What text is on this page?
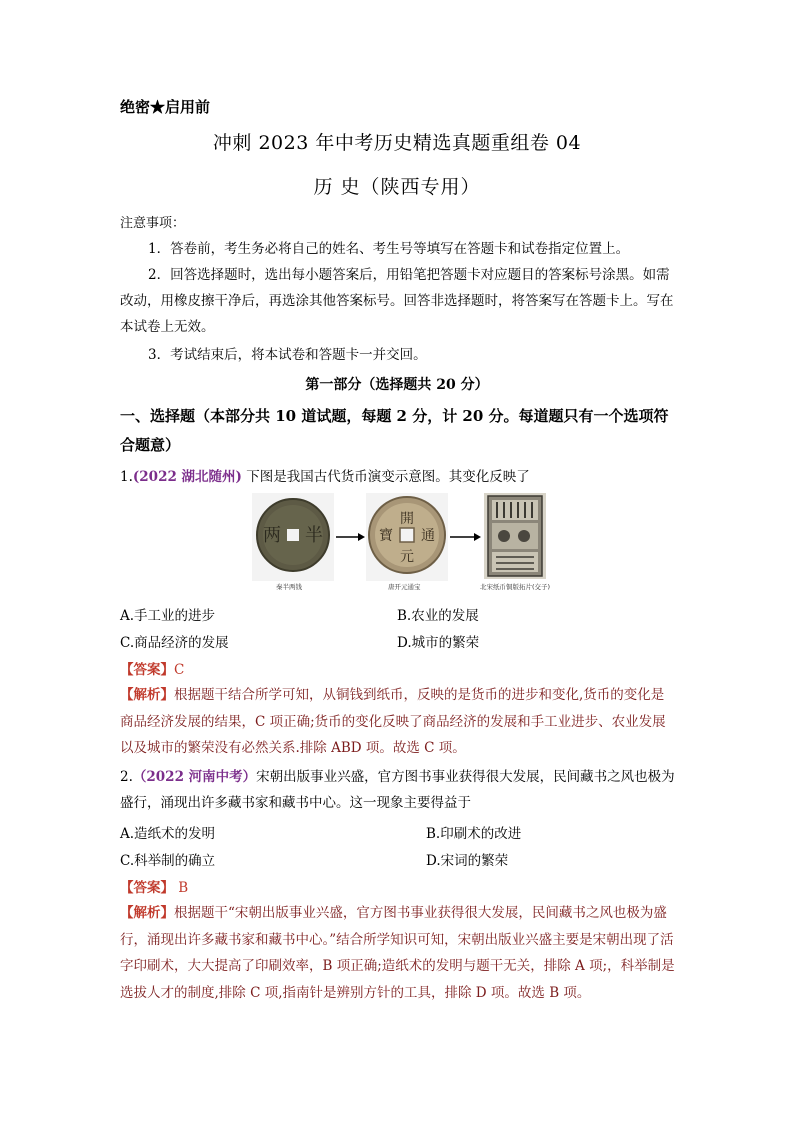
绝密★启用前
冲刺 2023 年中考历史精选真题重组卷 04
历 史（陕西专用）
注意事项：
1．答卷前，考生务必将自己的姓名、考生号等填写在答题卡和试卷指定位置上。
2．回答选择题时，选出每小题答案后，用铅笔把答题卡对应题目的答案标号涂黑。如需改动，用橡皮擦干净后，再选涂其他答案标号。回答非选择题时，将答案写在答题卡上。写在本试卷上无效。
3．考试结束后，将本试卷和答题卡一并交回。
第一部分（选择题共 20 分）
一、选择题（本部分共 10 道试题，每题 2 分，计 20 分。每道题只有一个选项符合题意）
1.(2022 湖北随州) 下图是我国古代货币演变示意图。其变化反映了
半
两
秦半两钱
開
元
通
寶
唐开元通宝	北宋纸币铜版拓片(交子)
A.手工业的进步	B.农业的发展
C.商品经济的发展	D.城市的繁荣
【答案】C
【解析】根据题干结合所学可知，从铜钱到纸币，反映的是货币的进步和变化,货币的变化是商品经济发展的结果，C 项正确;货币的变化反映了商品经济的发展和手工业进步、农业发展以及城市的繁荣没有必然关系.排除 ABD 项。故选 C 项。
2.（2022 河南中考）宋朝出版事业兴盛，官方图书事业获得很大发展，民间藏书之风也极为盛行，涌现出许多藏书家和藏书中心。这一现象主要得益于
A.造纸术的发明	B.印刷术的改进
C.科举制的确立	D.宋词的繁荣
【答案】 B
【解析】根据题干“宋朝出版事业兴盛，官方图书事业获得很大发展，民间藏书之风也极为盛行，涌现出许多藏书家和藏书中心。”结合所学知识可知，宋朝出版业兴盛主要是宋朝出现了活字印刷术，大大提高了印刷效率，B 项正确;造纸术的发明与题干无关，排除 A 项;，科举制是选拔人才的制度,排除 C 项,指南针是辨别方针的工具，排除 D 项。故选 B 项。
